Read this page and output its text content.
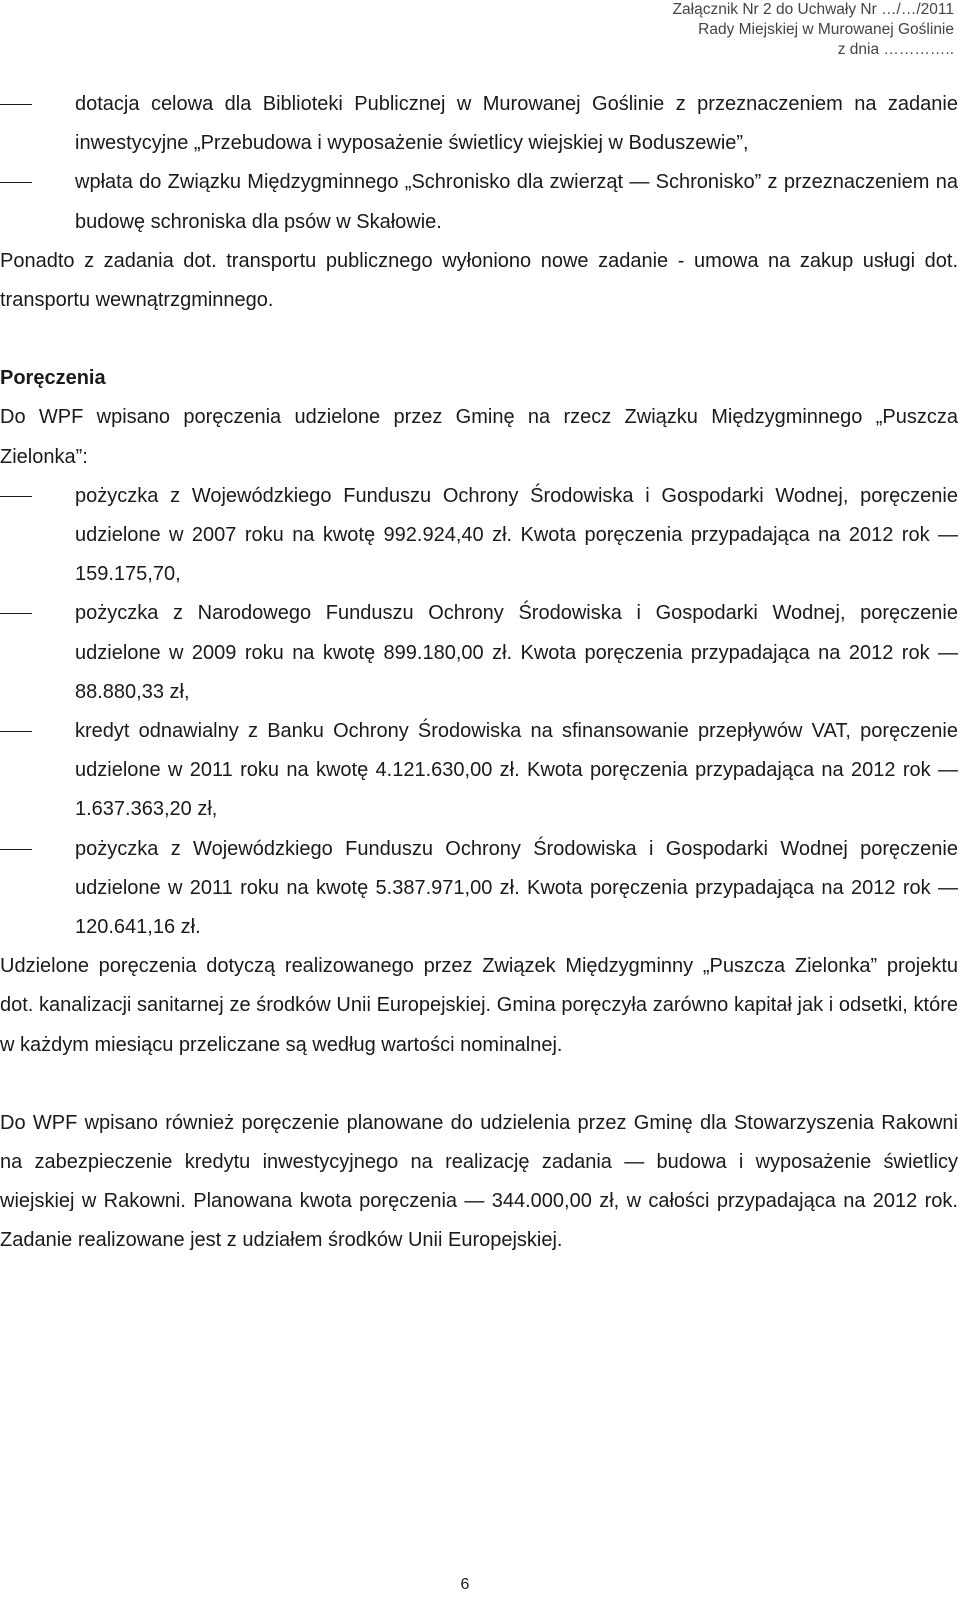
Załącznik Nr 2 do Uchwały Nr …/…/2011
Rady Miejskiej w Murowanej Goślinie
z dnia …………..
dotacja celowa dla Biblioteki Publicznej w Murowanej Goślinie z przeznaczeniem na zadanie inwestycyjne „Przebudowa i wyposażenie świetlicy wiejskiej w Boduszewie”,
wpłata do Związku Międzygminnego „Schronisko dla zwierząt — Schronisko” z przeznaczeniem na budowę schroniska dla psów w Skałowie.

Ponadto z zadania dot. transportu publicznego wyłoniono nowe zadanie - umowa na zakup usługi dot. transportu wewnątrzgminnego.

Poręczenia

Do WPF wpisano poręczenia udzielone przez Gminę na rzecz Związku Międzygminnego „Puszcza Zielonka”:

pożyczka z Wojewódzkiego Funduszu Ochrony Środowiska i Gospodarki Wodnej, poręczenie udzielone w 2007 roku na kwotę 992.924,40 zł. Kwota poręczenia przypadająca na 2012 rok — 159.175,70,
pożyczka z Narodowego Funduszu Ochrony Środowiska i Gospodarki Wodnej, poręczenie udzielone w 2009 roku na kwotę 899.180,00 zł. Kwota poręczenia przypadająca na 2012 rok — 88.880,33 zł,
kredyt odnawialny z Banku Ochrony Środowiska na sfinansowanie przepływów VAT, poręczenie udzielone w 2011 roku na kwotę 4.121.630,00 zł. Kwota poręczenia przypadająca na 2012 rok — 1.637.363,20 zł,
pożyczka z Wojewódzkiego Funduszu Ochrony Środowiska i Gospodarki Wodnej poręczenie udzielone w 2011 roku na kwotę 5.387.971,00 zł. Kwota poręczenia przypadająca na 2012 rok — 120.641,16 zł.

Udzielone poręczenia dotyczą realizowanego przez Związek Międzygminny „Puszcza Zielonka” projektu dot. kanalizacji sanitarnej ze środków Unii Europejskiej. Gmina poręczyła zarówno kapitał jak i odsetki, które w każdym miesiącu przeliczane są według wartości nominalnej.

Do WPF wpisano również poręczenie planowane do udzielenia przez Gminę dla Stowarzyszenia Rakowni na zabezpieczenie kredytu inwestycyjnego na realizację zadania — budowa i wyposażenie świetlicy wiejskiej w Rakowni. Planowana kwota poręczenia — 344.000,00 zł, w całości przypadająca na 2012 rok. Zadanie realizowane jest z udziałem środków Unii Europejskiej.

6
